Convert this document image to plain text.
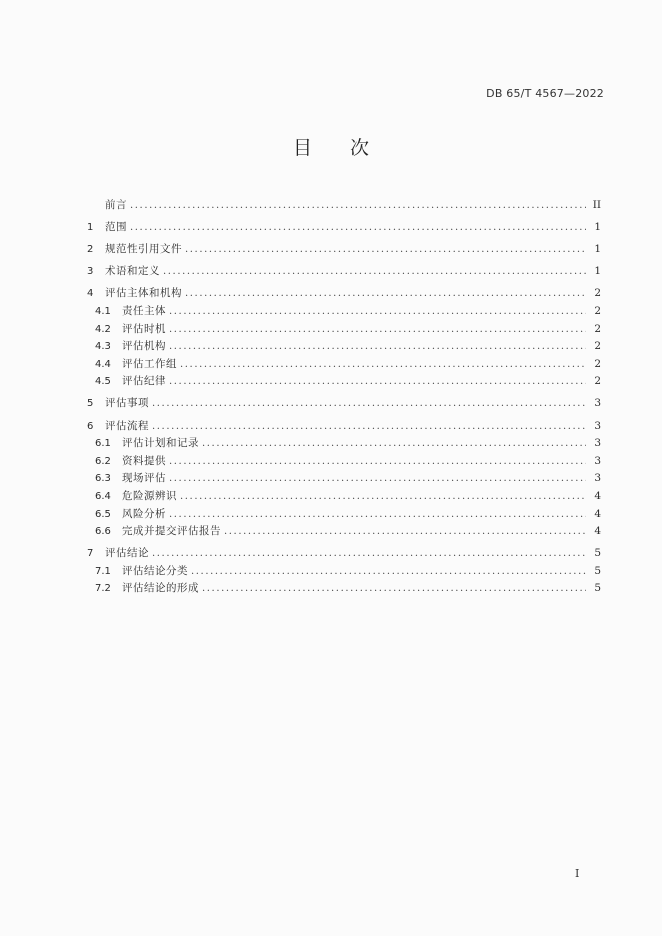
DB 65/T 4567—2022
目 次
前言 .....	II
1	范围 .....	1
2	规范性引用文件 .....	1
3	术语和定义 .....	1
4	评估主体和机构 .....	2
4.1	责任主体 .....	2
4.2	评估时机 .....	2
4.3	评估机构 .....	2
4.4	评估工作组 .....	2
4.5	评估纪律 .....	2
5	评估事项 .....	3
6	评估流程 .....	3
6.1	评估计划和记录 .....	3
6.2	资料提供 .....	3
6.3	现场评估 .....	3
6.4	危险源辨识 .....	4
6.5	风险分析 .....	4
6.6	完成并提交评估报告 .....	4
7	评估结论 .....	5
7.1	评估结论分类 .....	5
7.2	评估结论的形成 .....	5
I
